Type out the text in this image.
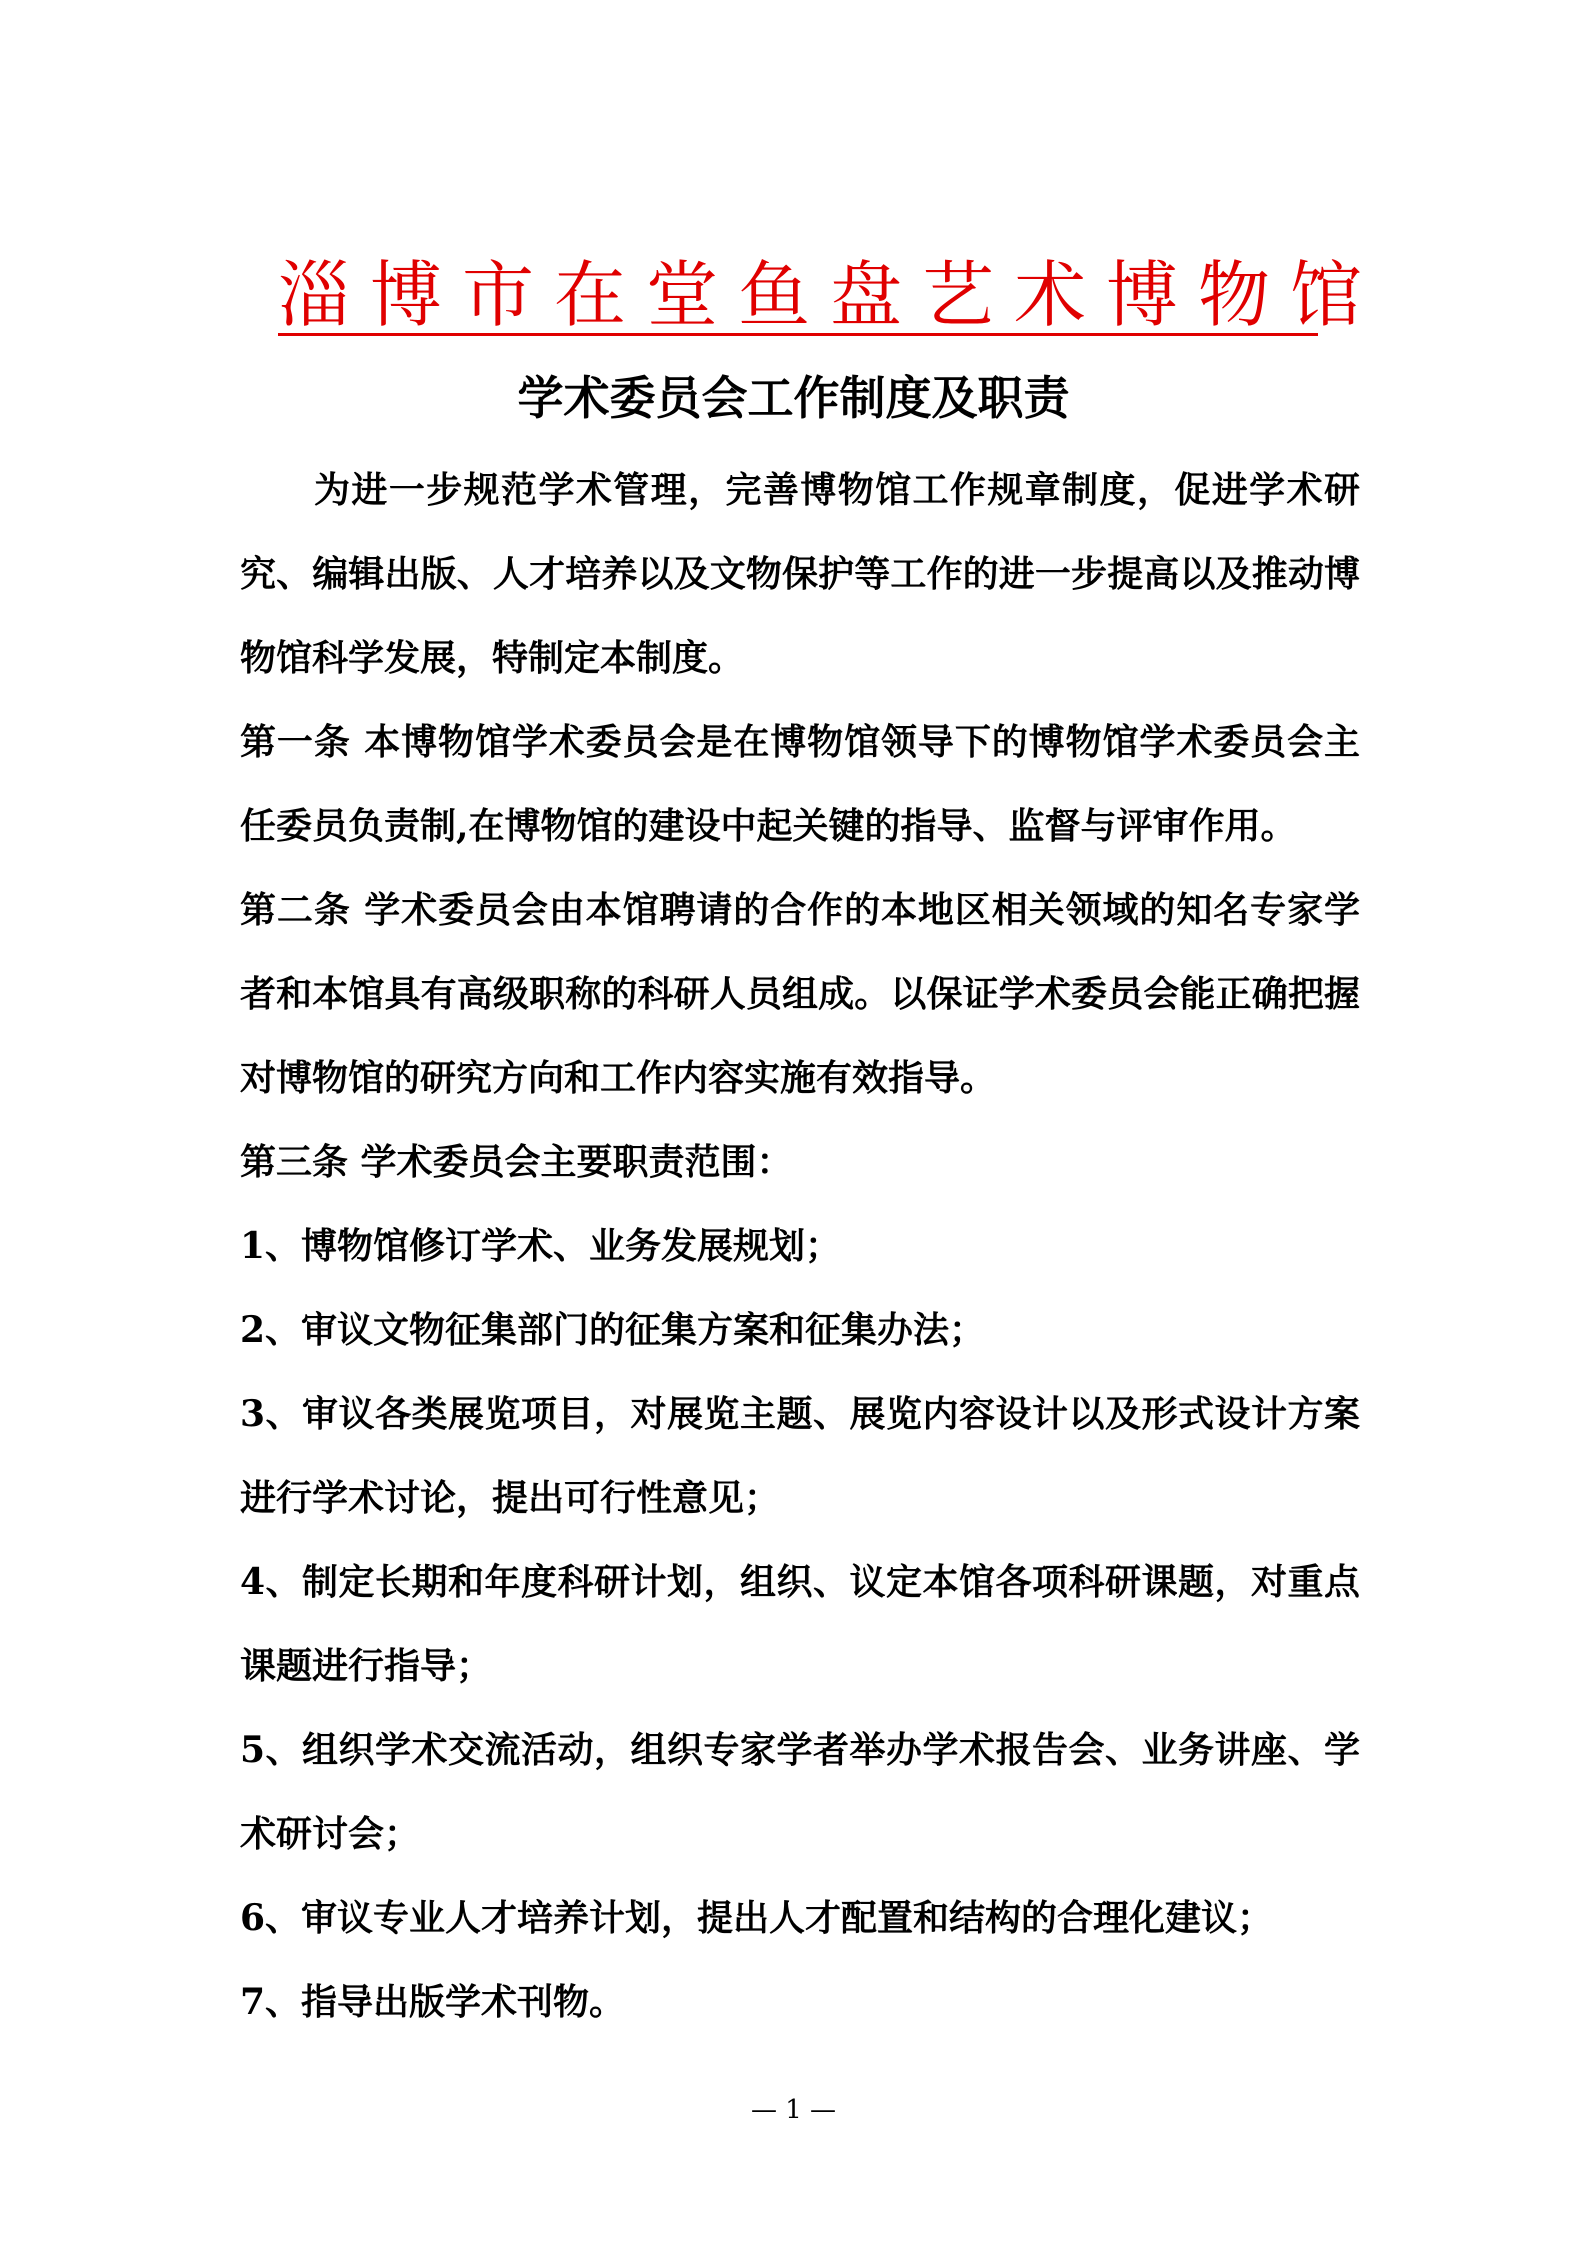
淄博市在堂鱼盘艺术博物馆
学术委员会工作制度及职责

为进一步规范学术管理，完善博物馆工作规章制度，促进学术研究、编辑出版、人才培养以及文物保护等工作的进一步提高以及推动博物馆科学发展，特制定本制度。

第一条 本博物馆学术委员会是在博物馆领导下的博物馆学术委员会主任委员负责制,在博物馆的建设中起关键的指导、监督与评审作用。

第二条 学术委员会由本馆聘请的合作的本地区相关领域的知名专家学者和本馆具有高级职称的科研人员组成。以保证学术委员会能正确把握对博物馆的研究方向和工作内容实施有效指导。

第三条 学术委员会主要职责范围：

1、博物馆修订学术、业务发展规划；

2、审议文物征集部门的征集方案和征集办法；

3、审议各类展览项目，对展览主题、展览内容设计以及形式设计方案进行学术讨论，提出可行性意见；

4、制定长期和年度科研计划，组织、议定本馆各项科研课题，对重点课题进行指导；

5、组织学术交流活动，组织专家学者举办学术报告会、业务讲座、学术研讨会；

6、审议专业人才培养计划，提出人才配置和结构的合理化建议；

7、指导出版学术刊物。

— 1 —
